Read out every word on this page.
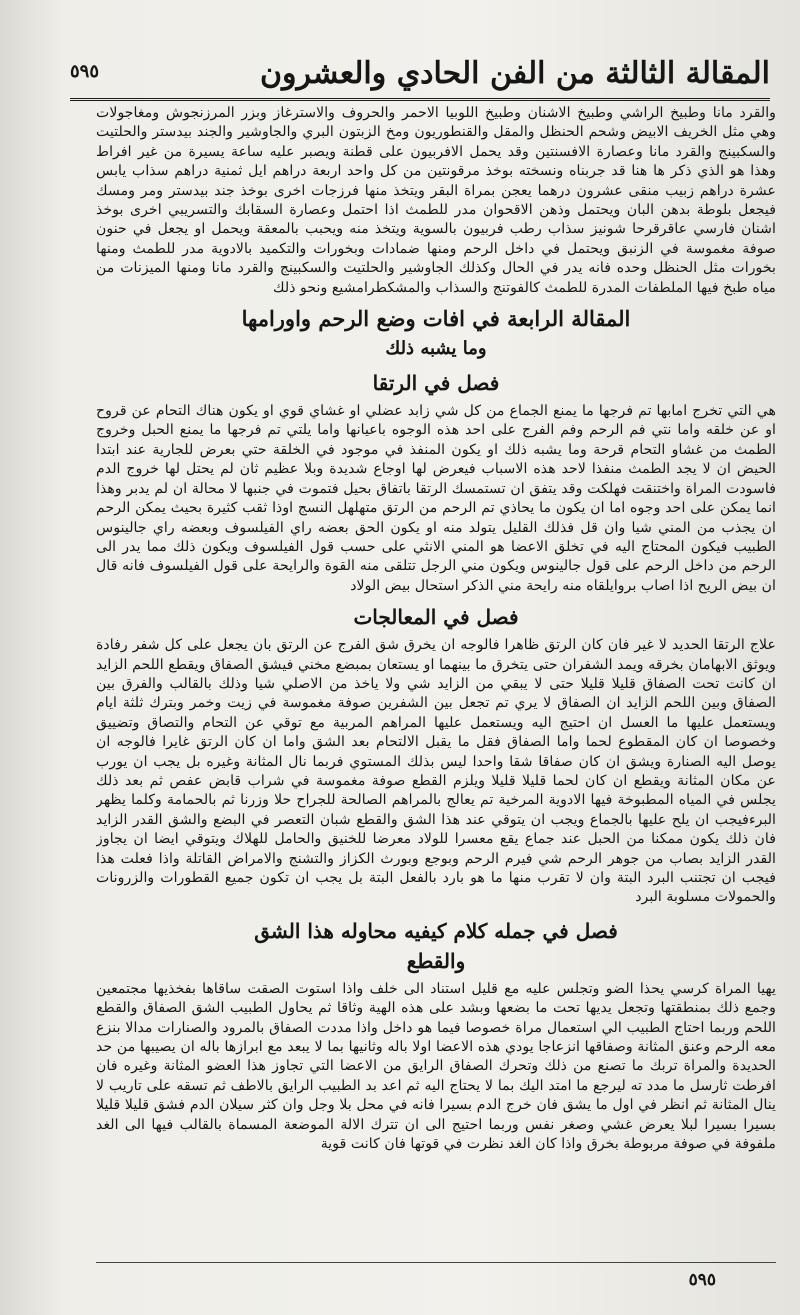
المقالة الثالثة من الفن الحادي والعشرون
٥٩٥

والقرد مانا وطبيخ الراشي وطبيخ الاشنان وطبيخ اللوبيا الاحمر والحروف والاسترغاز وبزر المرزنجوش ومغاجولات وهي مثل الخريف الابيض وشحم الحنظل والمقل والقنطوريون ومخ الزبتون البري والجاوشير والجند بيدستر والحلتيت والسكبينج والقرد مانا وعصارة الافسنتين وقد يحمل الافربيون على قطنة ويصبر عليه ساعة يسيرة من غير افراط وهذا هو الذي ذكر ها هنا قد جربناه ونسخته بوخذ مرقونتين من كل واحد اربعة دراهم ايل ثمنية دراهم سذاب يابس عشرة دراهم زبيب منقى عشرون درهما يعجن بمراة البقر ويتخذ منها فرزجات اخرى بوخذ جند بيدستر ومر ومسك فيجعل بلوطة بدهن البان ويحتمل وذهن الاقحوان مدر للطمث اذا احتمل وعصارة السقابك والتسريبي اخرى بوخذ اشنان فارسي عاقرقرحا شونيز سذاب رطب فربيون بالسوية ويتخذ منه ويحبب بالمعقة ويحمل او يجعل في حنون صوفة مغموسة في الزنبق ويحتمل في داخل الرحم ومنها ضمادات وبخورات والتكميد بالادوية مدر للطمث ومنها بخورات مثل الحنظل وحده فانه يدر في الحال وكذلك الجاوشير والحلتيت والسكبينج والقرد مانا ومنها الميزنات من مياه طبخ فيها الملطفات المدرة للطمث كالفوتنج والسذاب والمشكطرامشيع ونحو ذلك

المقالة الرابعة في افات وضع الرحم واورامها
وما يشبه ذلك
فصل في الرتقا

هي التي تخرج امابها تم فرجها ما يمنع الجماع من كل شي زابد عضلي او غشاي قوي او يكون هناك التحام عن قروح او عن خلقه واما نتي فم الرحم وفم الفرج على احد هذه الوجوه باعيانها واما يلتي تم فرجها ما يمنع الحبل وخروج الطمث من غشاو التحام قرحة وما يشبه ذلك او يكون المنفذ في موجود في الخلقة حتي بعرض للجارية عند ابتدا الحيض ان لا يجد الطمث منفذا لاحد هذه الاسباب فيعرض لها اوجاع شديدة وبلا عظيم ثان لم يحتل لها خروج الدم فاسودت المراة واختنقت فهلكت وقد يتفق ان تستمسك الرتقا باتفاق بحيل فتموت في جنبها لا محالة ان لم يدبر وهذا انما يمكن على احد وجوه اما ان يكون ما يحاذي تم الرحم من الرتق متهلهل النسج اوذا ثقب كثيرة بحيث يمكن الرحم ان يجذب من المني شيا وان قل فذلك القليل يتولد منه او يكون الحق بعضه راي الفيلسوف وبعضه راي جالينوس الطبيب فيكون المحتاج اليه في تخلق الاعضا هو المني الانثي على حسب قول الفيلسوف ويكون ذلك مما يدر الى الرحم من داخل الرحم على قول جالينوس ويكون مني الرجل تتلقى منه القوة والرايحة على قول الفيلسوف فانه قال ان بيض الريح اذا اصاب بروايلقاه منه رايحة مني الذكر استحال بيض الولاد

فصل في المعالجات

علاج الرتقا الحديد لا غير فان كان الرتق ظاهرا فالوجه ان يخرق شق الفرج عن الرتق بان يجعل على كل شفر رفادة ويوثق الابهامان بخرقه ويمد الشفران حتى يتخرق ما بينهما او يستعان بمبضع مخني فيشق الصفاق ويقطع اللحم الزايد ان كانت تحت الصفاق قليلا قليلا حتى لا يبقي من الزايد شي ولا ياخذ من الاصلي شيا وذلك بالقالب والفرق بين الصفاق وبين اللحم الزايد ان الصفاق لا يري تم تجعل بين الشفرين صوفة مغموسة في زيت وخمر وبترك ثلثة ايام ويستعمل عليها ما العسل ان احتيج اليه ويستعمل عليها المراهم المربية مع توقي عن التحام والتصاق وتضييق وخصوصا ان كان المقطوع لحما واما الصفاق فقل ما يقبل الالتحام بعد الشق واما ان كان الرتق غايرا فالوجه ان يوصل اليه الصنارة ويشق ان كان صفاقا شقا واحدا ليس بذلك المستوي فربما نال المثانة وغيره بل يجب ان يورب عن مكان المثانة ويقطع ان كان لحما قليلا قليلا ويلزم القطع صوفة مغموسة في شراب قابض عفص ثم بعد ذلك يجلس في المياه المطبوخة فيها الادوية المرخية تم يعالج بالمراهم الصالحة للجراح حلا وزرنا ثم بالحمامة وكلما يظهر البرءفيجب ان يلح عليها بالجماع ويجب ان يتوقي عند هذا الشق والقطع شبان التعصر في البضع والشق القدر الزايد فان ذلك يكون ممكنا من الحبل عند جماع يقع معسرا للولاد معرضا للخنيق والحامل للهلاك ويتوقي ايضا ان يجاوز القدر الزايد بصاب من جوهر الرحم شي فيرم الرحم وبوجع وبورث الكزاز والتشنج والامراض القاتلة واذا فعلت هذا فيجب ان تجتنب البرد البتة وان لا تقرب منها ما هو بارد بالفعل البتة بل يجب ان تكون جميع القطورات والزرونات والحمولات مسلوبة البرد

فصل في جمله كلام كيفيه محاوله هذا الشق
والقطع

يهيا المراة كرسي يحذا الضو وتجلس عليه مع قليل استناد الى خلف واذا استوت الصقت ساقاها بفخذيها مجتمعين وجمع ذلك بمنطقتها وتجعل يديها تحت ما بضعها وبشد على هذه الهية وثاقا ثم يحاول الطبيب الشق الصفاق والقطع اللحم وربما احتاج الطبيب الي استعمال مراة خصوصا فيما هو داخل واذا مددت الصفاق بالمرود والصنارات مدالا بنزع معه الرحم وعنق المثانة وصفاقها انزعاجا يودي هذه الاعضا اولا باله وثانيها بما لا يبعد مع ابرازها باله ان يصيبها من حد الحديدة والمراة تربك ما تصنع من ذلك وتحرك الصفاق الرايق من الاعضا التي تجاوز هذا العضو المثانة وغيره فان افرطت ثارسل ما مدد ته ليرجع ما امتد اليك بما لا يحتاج اليه ثم اعد بد الطبيب الرايق بالاطف ثم تسقه على تاريب لا ينال المثانة ثم انظر في اول ما يشق فان خرج الدم بسيرا فانه في محل بلا وجل وان كثر سيلان الدم فشق قليلا قليلا بسيرا بسيرا لبلا يعرض غشي وصغر نفس وربما احتيج الى ان تترك الالة الموضعة المسماة بالقالب فيها الى الغد ملفوفة في صوفة مربوطة بخرق واذا كان الغد نظرت في قوتها فان كانت قوية

٥٩٥
